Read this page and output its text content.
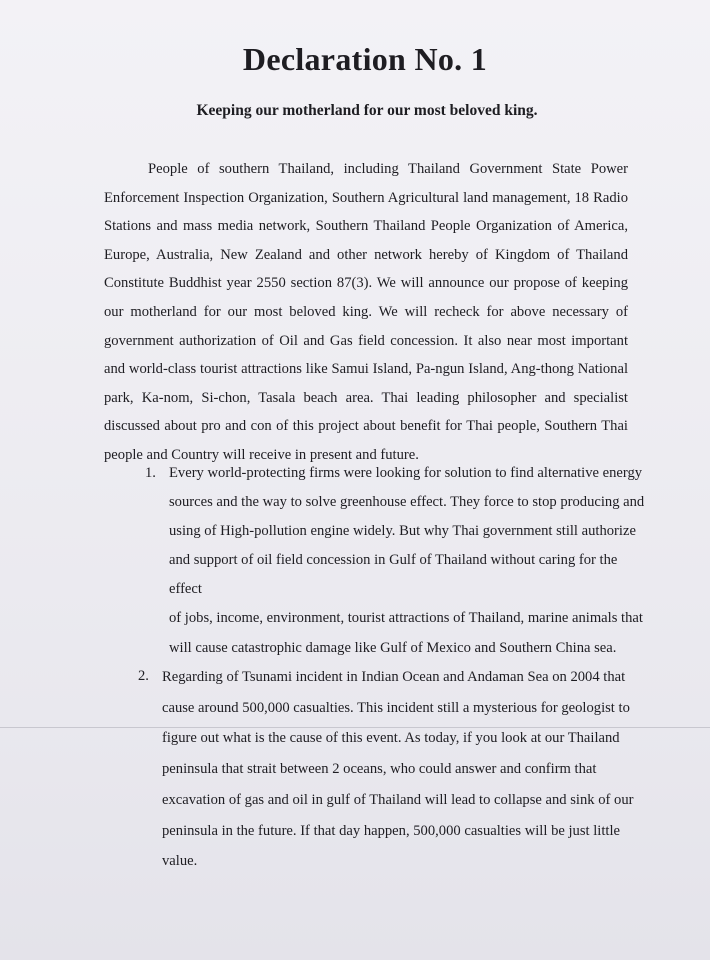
Declaration No. 1
Keeping our motherland for our most beloved king.

People of southern Thailand, including Thailand Government State Power Enforcement Inspection Organization, Southern Agricultural land management, 18 Radio Stations and mass media network, Southern Thailand People Organization of America, Europe, Australia, New Zealand and other network hereby of Kingdom of Thailand Constitute Buddhist year 2550 section 87(3). We will announce our propose of keeping our motherland for our most beloved king. We will recheck for above necessary of government authorization of Oil and Gas field concession. It also near most important and world-class tourist attractions like Samui Island, Pa-ngun Island, Ang-thong National park, Ka-nom, Si-chon, Tasala beach area. Thai leading philosopher and specialist discussed about pro and con of this project about benefit for Thai people, Southern Thai people and Country will receive in present and future.

1. Every world-protecting firms were looking for solution to find alternative energy
sources and the way to solve greenhouse effect. They force to stop producing and
using of High-pollution engine widely. But why Thai government still authorize
and support of oil field concession in Gulf of Thailand without caring for the effect
of jobs, income, environment, tourist attractions of Thailand, marine animals that
will cause catastrophic damage like Gulf of Mexico and Southern China sea.
2. Regarding of Tsunami incident in Indian Ocean and Andaman Sea on 2004 that
cause around 500,000 casualties. This incident still a mysterious for geologist to
figure out what is the cause of this event. As today, if you look at our Thailand
peninsula that strait between 2 oceans, who could answer and confirm that
excavation of gas and oil in gulf of Thailand will lead to collapse and sink of our
peninsula in the future. If that day happen, 500,000 casualties will be just little
value.
